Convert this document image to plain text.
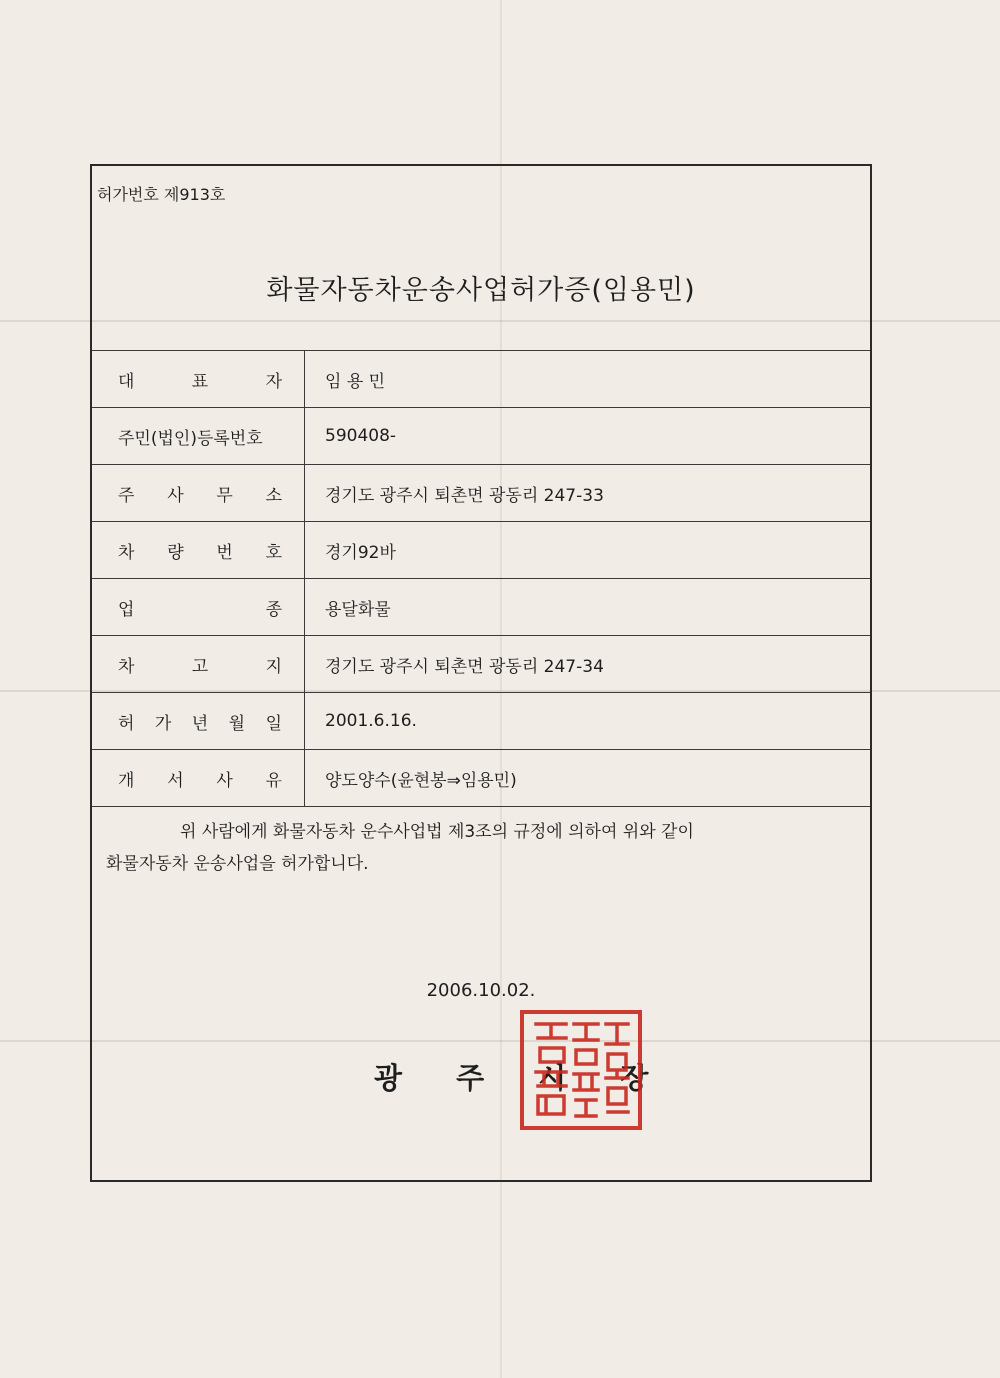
허가번호 제913호
화물자동차운송사업허가증(임용민)
대 표 자	임 용 민

주민(법인)등록번호	590408-

주 사 무 소	경기도 광주시 퇴촌면 광동리 247-33

차 량 번 호	경기92바

업 종	용달화물

차 고 지	경기도 광주시 퇴촌면 광동리 247-34

허 가 년 월 일	2001.6.16.

개 서 사 유	양도양수(윤현봉⇒임용민)
위 사람에게 화물자동차 운수사업법 제3조의 규정에 의하여 위와 같이
화물자동차 운송사업을 허가합니다.
2006.10.02.
광 주 시 장
